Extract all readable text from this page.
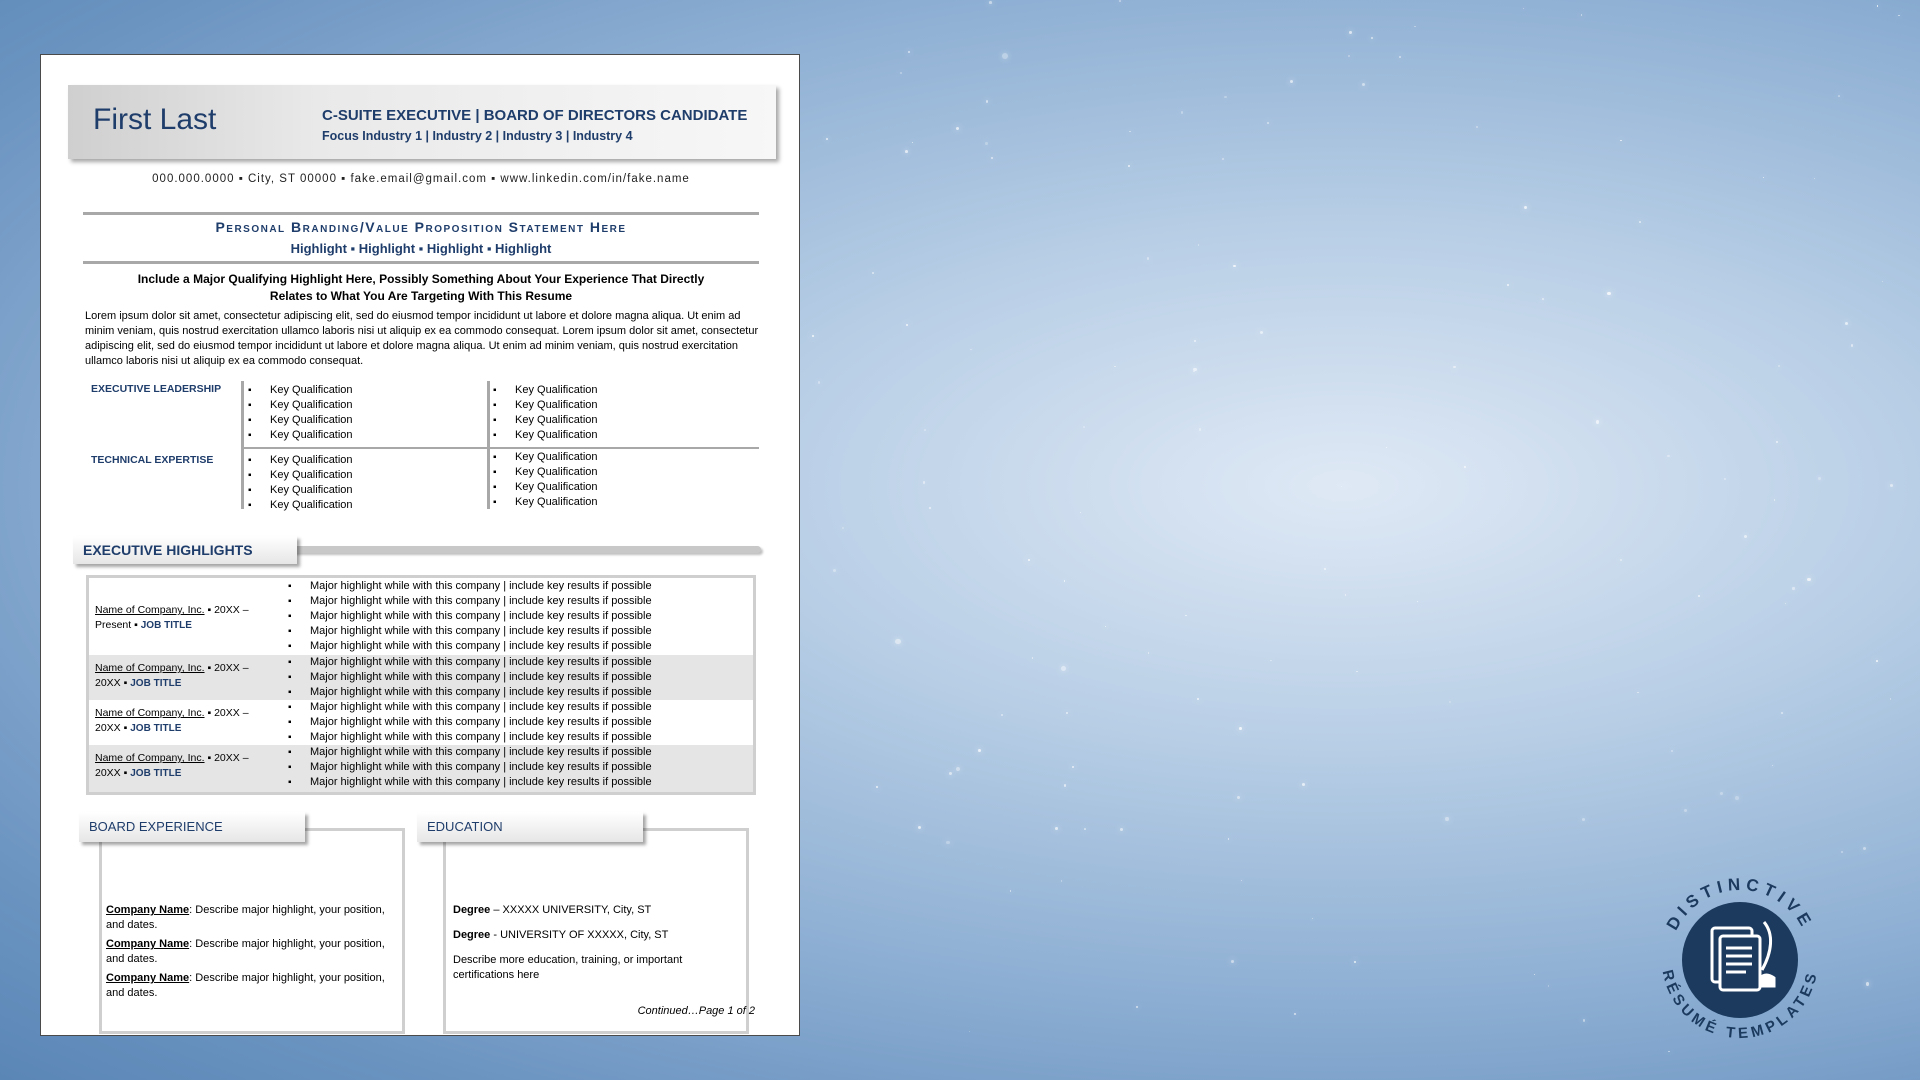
First Last	C-SUITE EXECUTIVE | BOARD OF DIRECTORS CANDIDATE
Focus Industry 1 | Industry 2 | Industry 3 | Industry 4
000.000.0000 ▪ City, ST 00000 ▪ fake.email@gmail.com ▪ www.linkedin.com/in/fake.name
Personal Branding/Value Proposition Statement Here
Highlight ▪ Highlight ▪ Highlight ▪ Highlight
Include a Major Qualifying Highlight Here, Possibly Something About Your Experience That Directly
Relates to What You Are Targeting With This Resume
Lorem ipsum dolor sit amet, consectetur adipiscing elit, sed do eiusmod tempor incididunt ut labore et dolore magna aliqua. Ut enim ad minim veniam, quis nostrud exercitation ullamco laboris nisi ut aliquip ex ea commodo consequat. Lorem ipsum dolor sit amet, consectetur adipiscing elit, sed do eiusmod tempor incididunt ut labore et dolore magna aliqua. Ut enim ad minim veniam, quis nostrud exercitation ullamco laboris nisi ut aliquip ex ea commodo consequat.
EXECUTIVE LEADERSHIP
TECHNICAL EXPERTISE
▪ Key Qualification
▪ Key Qualification
▪ Key Qualification
▪ Key Qualification
▪ Key Qualification
▪ Key Qualification
▪ Key Qualification
▪ Key Qualification
▪ Key Qualification
▪ Key Qualification
▪ Key Qualification
▪ Key Qualification
▪ Key Qualification
▪ Key Qualification
▪ Key Qualification
▪ Key Qualification
EXECUTIVE HIGHLIGHTS
Name of Company, Inc. ▪ 20XX –
Present ▪ JOB TITLE
▪ Major highlight while with this company | include key results if possible
▪ Major highlight while with this company | include key results if possible
▪ Major highlight while with this company | include key results if possible
▪ Major highlight while with this company | include key results if possible
▪ Major highlight while with this company | include key results if possible
Name of Company, Inc. ▪ 20XX –
20XX ▪ JOB TITLE
▪ Major highlight while with this company | include key results if possible
▪ Major highlight while with this company | include key results if possible
▪ Major highlight while with this company | include key results if possible
Name of Company, Inc. ▪ 20XX –
20XX ▪ JOB TITLE
▪ Major highlight while with this company | include key results if possible
▪ Major highlight while with this company | include key results if possible
▪ Major highlight while with this company | include key results if possible
Name of Company, Inc. ▪ 20XX –
20XX ▪ JOB TITLE
▪ Major highlight while with this company | include key results if possible
▪ Major highlight while with this company | include key results if possible
▪ Major highlight while with this company | include key results if possible
Company Name: Describe major highlight, your position, and dates.
Company Name: Describe major highlight, your position, and dates.
Company Name: Describe major highlight, your position, and dates.
BOARD EXPERIENCE
Degree – XXXXX UNIVERSITY, City, ST
Degree - UNIVERSITY OF XXXXX, City, ST
Describe more education, training, or important certifications here
EDUCATION
Continued…Page 1 of 2
DISTINCTIVE
RÉSUMÉ TEMPLATES
